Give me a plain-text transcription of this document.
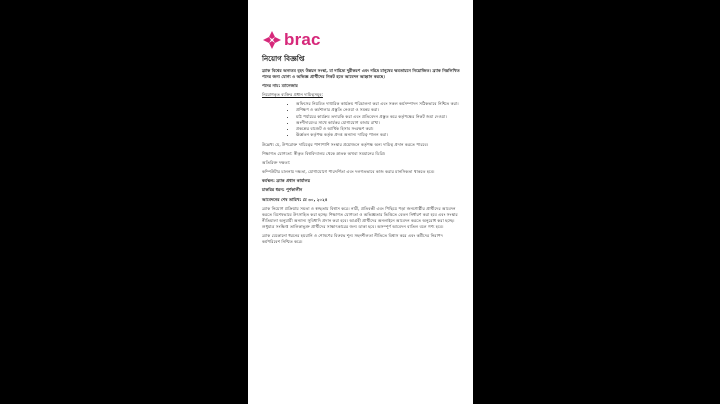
brac
নিয়োগ বিজ্ঞপ্তি

ব্র্যাক বিশ্বের অন্যতম বৃহৎ উন্নয়ন সংস্থা, যা দারিদ্র্য দূরীকরণ এবং দরিদ্র মানুষের ক্ষমতায়নে নিয়োজিত। ব্র্যাক নিম্নলিখিত পদের জন্য যোগ্য ও অভিজ্ঞ প্রার্থীদের নিকট হতে আবেদন আহ্বান করছে।

পদের নাম: ম্যানেজার

নিয়োগকৃত ব্যক্তির প্রধান দায়িত্বসমূহ:

• অফিসের নিয়মিত দাপ্তরিক কার্যক্রম পরিচালনা করা এবং সকল কর্মসম্পাদন সঠিকভাবে নিশ্চিত করা।
• প্রশিক্ষণ ও কর্মশালার প্রস্তুতি নেওয়া ও সমন্বয় করা।
• মাঠ পর্যায়ের কার্যক্রম তদারকি করা এবং প্রতিবেদন প্রস্তুত করে কর্তৃপক্ষের নিকট জমা দেওয়া।
• অংশীদারদের সাথে কার্যকর যোগাযোগ বজায় রাখা।
• প্রকল্পের বাজেট ও আর্থিক হিসাব সংরক্ষণ করা।
• ঊর্ধ্বতন কর্তৃপক্ষ কর্তৃক প্রদত্ত অন্যান্য দায়িত্ব পালন করা।

উল্লেখ্য যে, উপরোক্ত দায়িত্বের পাশাপাশি সংস্থার প্রয়োজনে কর্তৃপক্ষ অন্য দায়িত্ব প্রদান করতে পারবে।

শিক্ষাগত যোগ্যতা: স্বীকৃত বিশ্ববিদ্যালয় থেকে স্নাতক অথবা সমমানের ডিগ্রি।

অতিরিক্ত দক্ষতা:

কম্পিউটার চালনায় দক্ষতা, যোগাযোগে পারদর্শিতা এবং দলগতভাবে কাজ করার মানসিকতা থাকতে হবে।

কর্মস্থল: ব্র্যাক প্রধান কার্যালয়

চাকরির ধরন: পূর্ণকালীন

আবেদনের শেষ তারিখ: মে ৩০, ২০২৪

ব্র্যাক নিয়োগ প্রক্রিয়ায় সমতা ও স্বচ্ছতায় বিশ্বাস করে। নারী, প্রতিবন্ধী এবং পিছিয়ে পড়া জনগোষ্ঠীর প্রার্থীদের আবেদন করতে বিশেষভাবে উৎসাহিত করা হচ্ছে। শিক্ষাগত যোগ্যতা ও অভিজ্ঞতার ভিত্তিতে বেতন নির্ধারণ করা হবে এবং সংস্থার নীতিমালা অনুযায়ী অন্যান্য সুবিধাদি প্রদান করা হবে। আগ্রহী প্রার্থীদের অনলাইনে আবেদন করতে অনুরোধ করা হচ্ছে। শুধুমাত্র সংক্ষিপ্ত তালিকাভুক্ত প্রার্থীদের সাক্ষাৎকারের জন্য ডাকা হবে। অসম্পূর্ণ আবেদন বাতিল বলে গণ্য হবে।

ব্র্যাক যেকোনো ধরনের হয়রানি ও শোষণের বিরুদ্ধে শূন্য সহনশীলতা নীতিতে বিশ্বাস করে এবং কর্মীদের নিরাপদ কর্মপরিবেশ নিশ্চিত করে।
